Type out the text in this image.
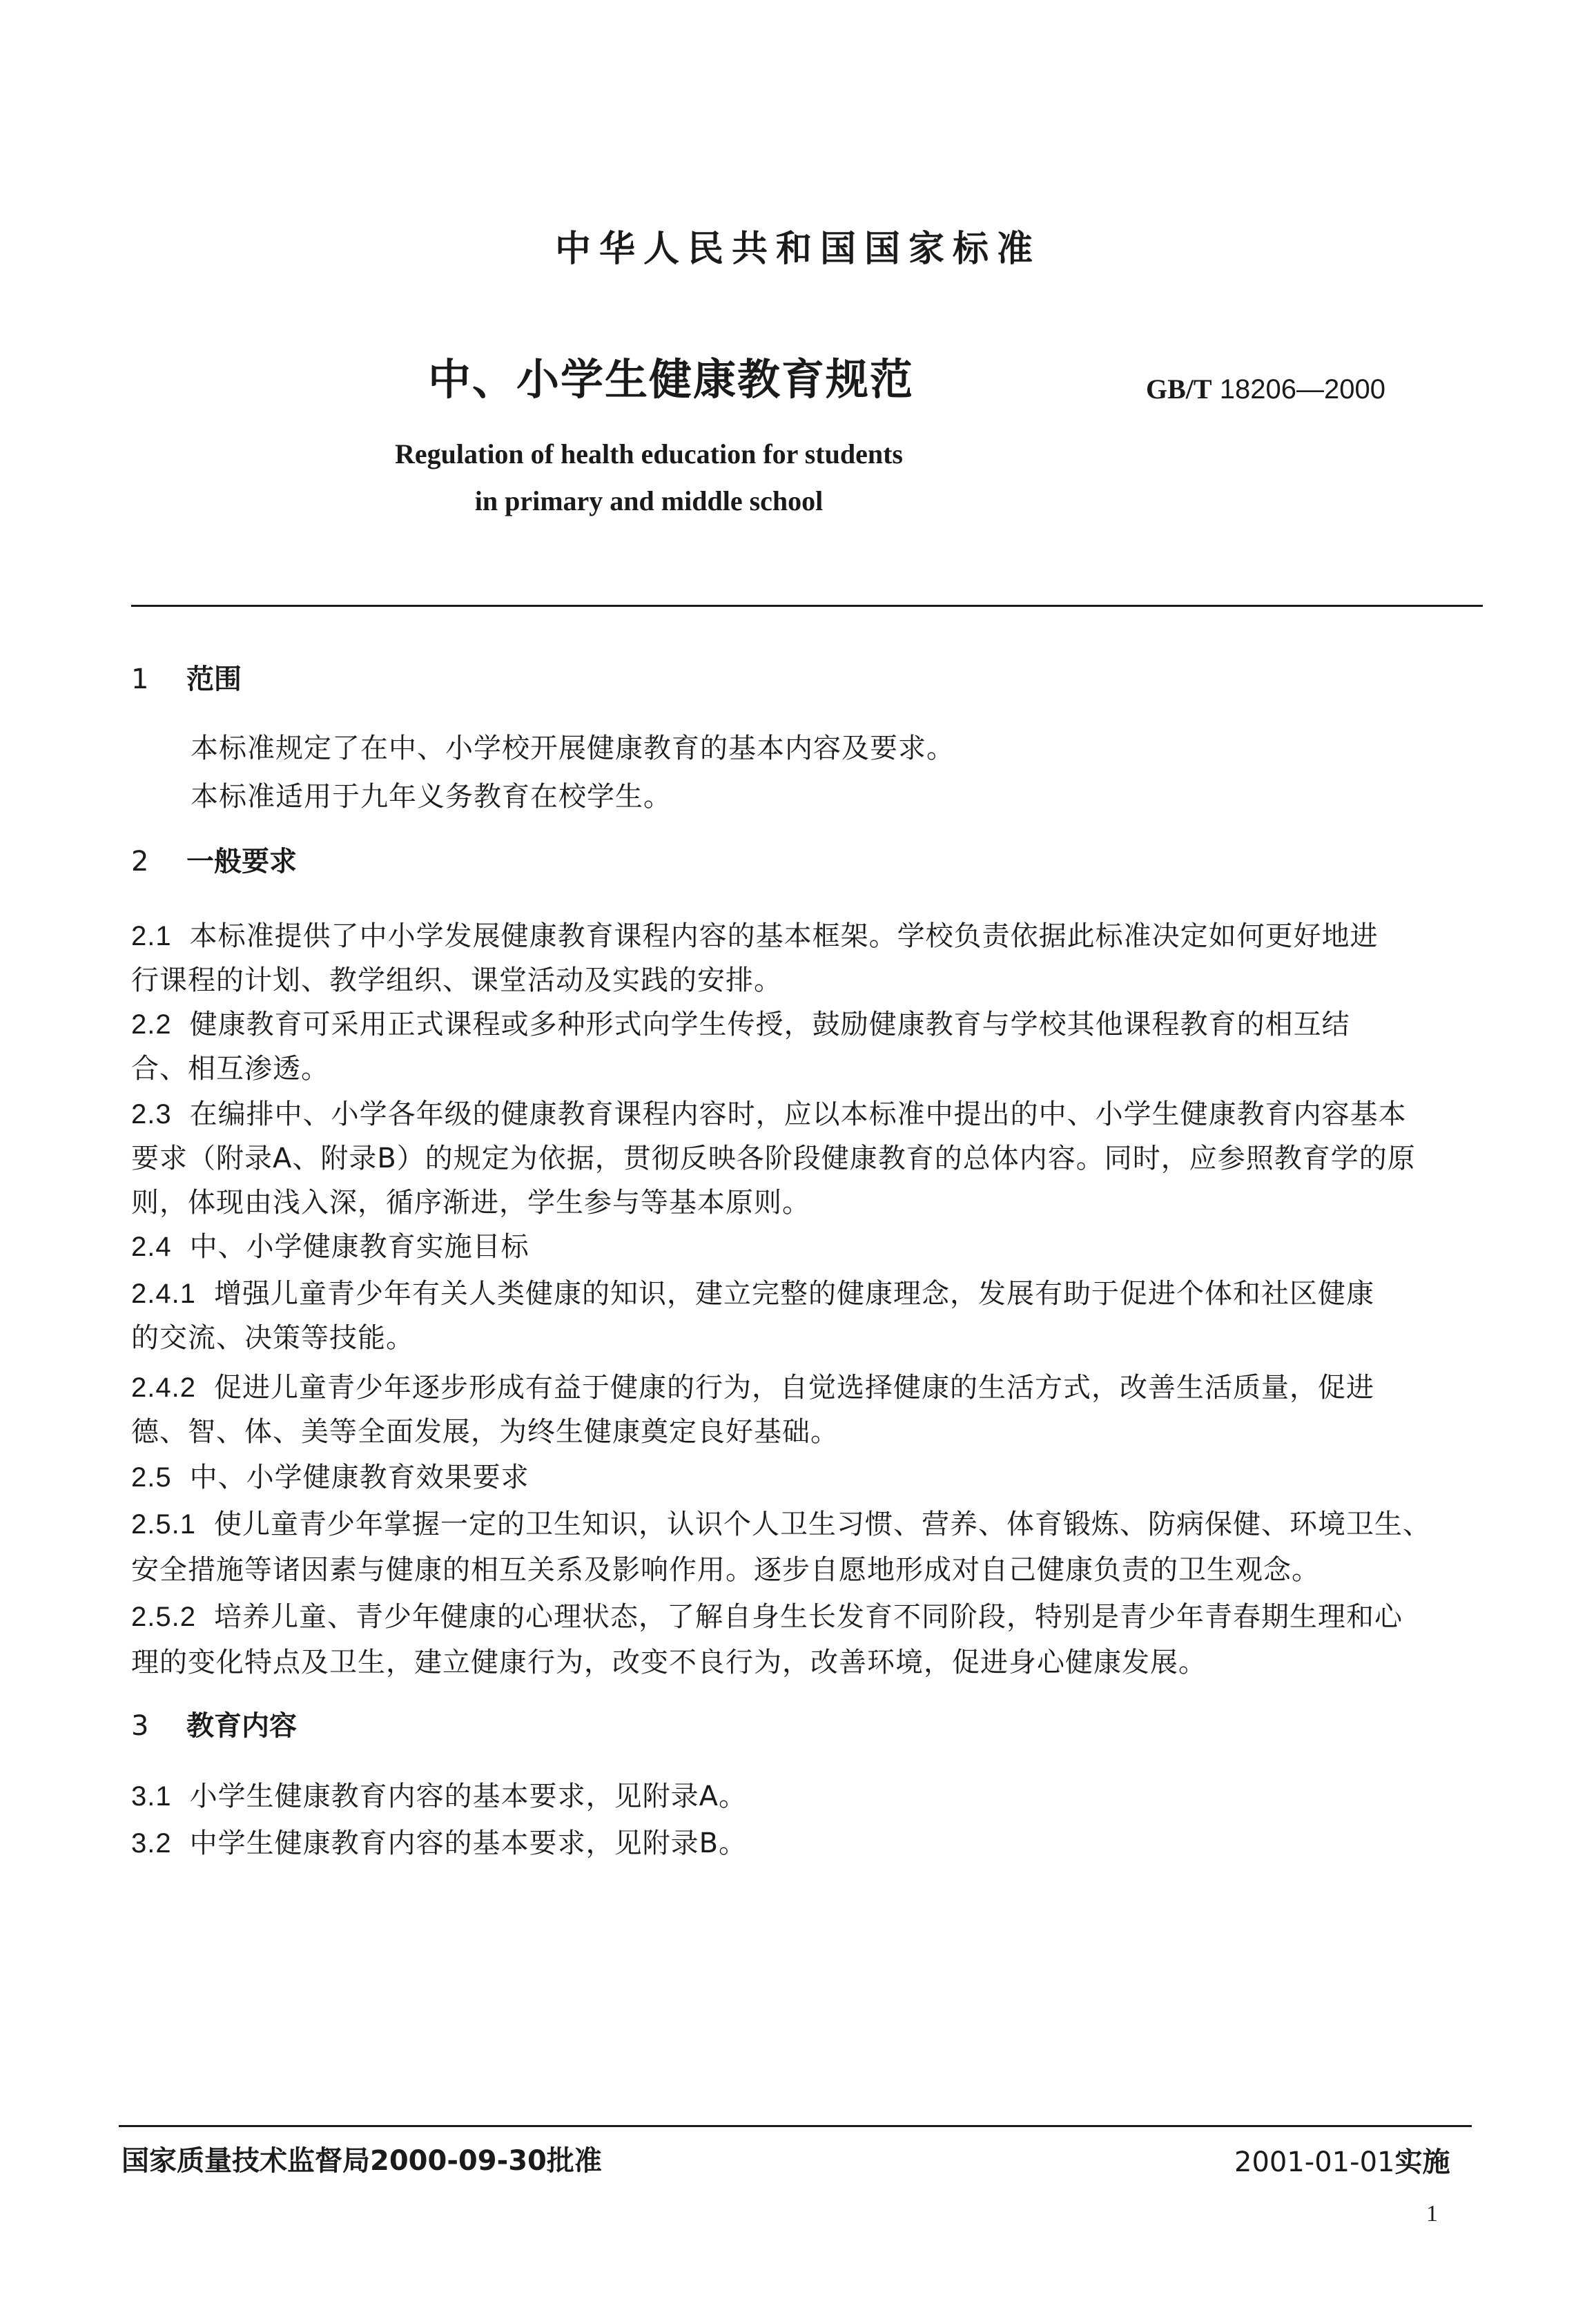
中华人民共和国国家标准
中、小学生健康教育规范	GB/T 18206—2000
Regulation of health education for students
in primary and middle school
1 范围
本标准规定了在中、小学校开展健康教育的基本内容及要求。
本标准适用于九年义务教育在校学生。
2 一般要求
2.1 本标准提供了中小学发展健康教育课程内容的基本框架。学校负责依据此标准决定如何更好地进
行课程的计划、教学组织、课堂活动及实践的安排。
2.2 健康教育可采用正式课程或多种形式向学生传授，鼓励健康教育与学校其他课程教育的相互结
合、相互渗透。
2.3 在编排中、小学各年级的健康教育课程内容时，应以本标准中提出的中、小学生健康教育内容基本
要求（附录A、附录B）的规定为依据，贯彻反映各阶段健康教育的总体内容。同时，应参照教育学的原
则，体现由浅入深，循序渐进，学生参与等基本原则。
2.4 中、小学健康教育实施目标
2.4.1 增强儿童青少年有关人类健康的知识，建立完整的健康理念，发展有助于促进个体和社区健康
的交流、决策等技能。
2.4.2 促进儿童青少年逐步形成有益于健康的行为，自觉选择健康的生活方式，改善生活质量，促进
德、智、体、美等全面发展，为终生健康奠定良好基础。
2.5 中、小学健康教育效果要求
2.5.1 使儿童青少年掌握一定的卫生知识，认识个人卫生习惯、营养、体育锻炼、防病保健、环境卫生、
安全措施等诸因素与健康的相互关系及影响作用。逐步自愿地形成对自己健康负责的卫生观念。
2.5.2 培养儿童、青少年健康的心理状态，了解自身生长发育不同阶段，特别是青少年青春期生理和心
理的变化特点及卫生，建立健康行为，改变不良行为，改善环境，促进身心健康发展。
3 教育内容
3.1 小学生健康教育内容的基本要求，见附录A。
3.2 中学生健康教育内容的基本要求，见附录B。
国家质量技术监督局2000-09-30批准	2001-01-01实施
1
